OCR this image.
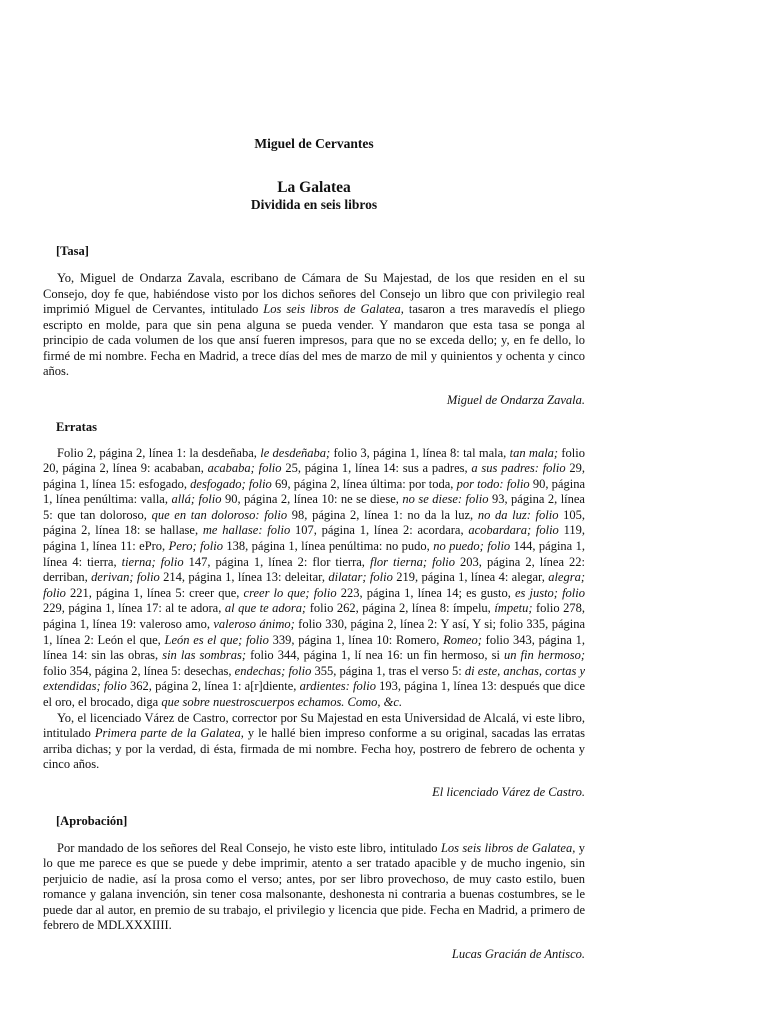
Miguel de Cervantes
La Galatea
Dividida en seis libros
[Tasa]

Yo, Miguel de Ondarza Zavala, escribano de Cámara de Su Majestad, de los que residen en el su Consejo, doy fe que, habiéndose visto por los dichos señores del Consejo un libro que con privilegio real imprimió Miguel de Cervantes, intitulado Los seis libros de Galatea, tasaron a tres maravedís el pliego escripto en molde, para que sin pena alguna se pueda vender. Y mandaron que esta tasa se ponga al principio de cada volumen de los que ansí fueren impresos, para que no se exceda dello; y, en fe dello, lo firmé de mi nombre. Fecha en Madrid, a trece días del mes de marzo de mil y quinientos y ochenta y cinco años.

Miguel de Ondarza Zavala.
Erratas

Folio 2, página 2, línea 1: la desdeñaba, le desdeñaba; folio 3, página 1, línea 8: tal mala, tan mala; folio 20, página 2, línea 9: acababan, acababa; folio 25, página 1, línea 14: sus a padres, a sus padres: folio 29, página 1, línea 15: esfogado, desfogado; folio 69, página 2, línea última: por toda, por todo: folio 90, página 1, línea penúltima: valla, allá; folio 90, página 2, línea 10: ne se diese, no se diese: folio 93, página 2, línea 5: que tan doloroso, que en tan doloroso: folio 98, página 2, línea 1: no da la luz, no da luz: folio 105, página 2, línea 18: se hallase, me hallase: folio 107, página 1, línea 2: acordara, acobardara; folio 119, página 1, línea 11: ePro, Pero; folio 138, página 1, línea penúltima: no pudo, no puedo; folio 144, página 1, línea 4: tierra, tierna; folio 147, página 1, línea 2: flor tierra, flor tierna; folio 203, página 2, línea 22: derriban, derivan; folio 214, página 1, línea 13: deleitar, dilatar; folio 219, página 1, línea 4: alegar, alegra; folio 221, página 1, línea 5: creer que, creer lo que; folio 223, página 1, línea 14; es gusto, es justo; folio 229, página 1, línea 17: al te adora, al que te adora; folio 262, página 2, línea 8: ímpelu, ímpetu; folio 278, página 1, línea 19: valeroso amo, valeroso ánimo; folio 330, página 2, línea 2: Y así, Y si; folio 335, página 1, línea 2: León el que, León es el que; folio 339, página 1, línea 10: Romero, Romeo; folio 343, página 1, línea 14: sin las obras, sin las sombras; folio 344, página 1, lí nea 16: un fin hermoso, si un fin hermoso; folio 354, página 2, línea 5: desechas, endechas; folio 355, página 1, tras el verso 5: di este, anchas, cortas y extendidas; folio 362, página 2, línea 1: a[r]diente, ardientes: folio 193, página 1, línea 13: después que dice el oro, el brocado, diga que sobre nuestroscuerpos echamos. Como, &c.

Yo, el licenciado Várez de Castro, corrector por Su Majestad en esta Universidad de Alcalá, vi este libro, intitulado Primera parte de la Galatea, y le hallé bien impreso conforme a su original, sacadas las erratas arriba dichas; y por la verdad, di ésta, firmada de mi nombre. Fecha hoy, postrero de febrero de ochenta y cinco años.

El licenciado Várez de Castro.
[Aprobación]

Por mandado de los señores del Real Consejo, he visto este libro, intitulado Los seis libros de Galatea, y lo que me parece es que se puede y debe imprimir, atento a ser tratado apacible y de mucho ingenio, sin perjuicio de nadie, así la prosa como el verso; antes, por ser libro provechoso, de muy casto estilo, buen romance y galana invención, sin tener cosa malsonante, deshonesta ni contraria a buenas costumbres, se le puede dar al autor, en premio de su trabajo, el privilegio y licencia que pide. Fecha en Madrid, a primero de febrero de MDLXXXIIII.

Lucas Gracián de Antisco.
